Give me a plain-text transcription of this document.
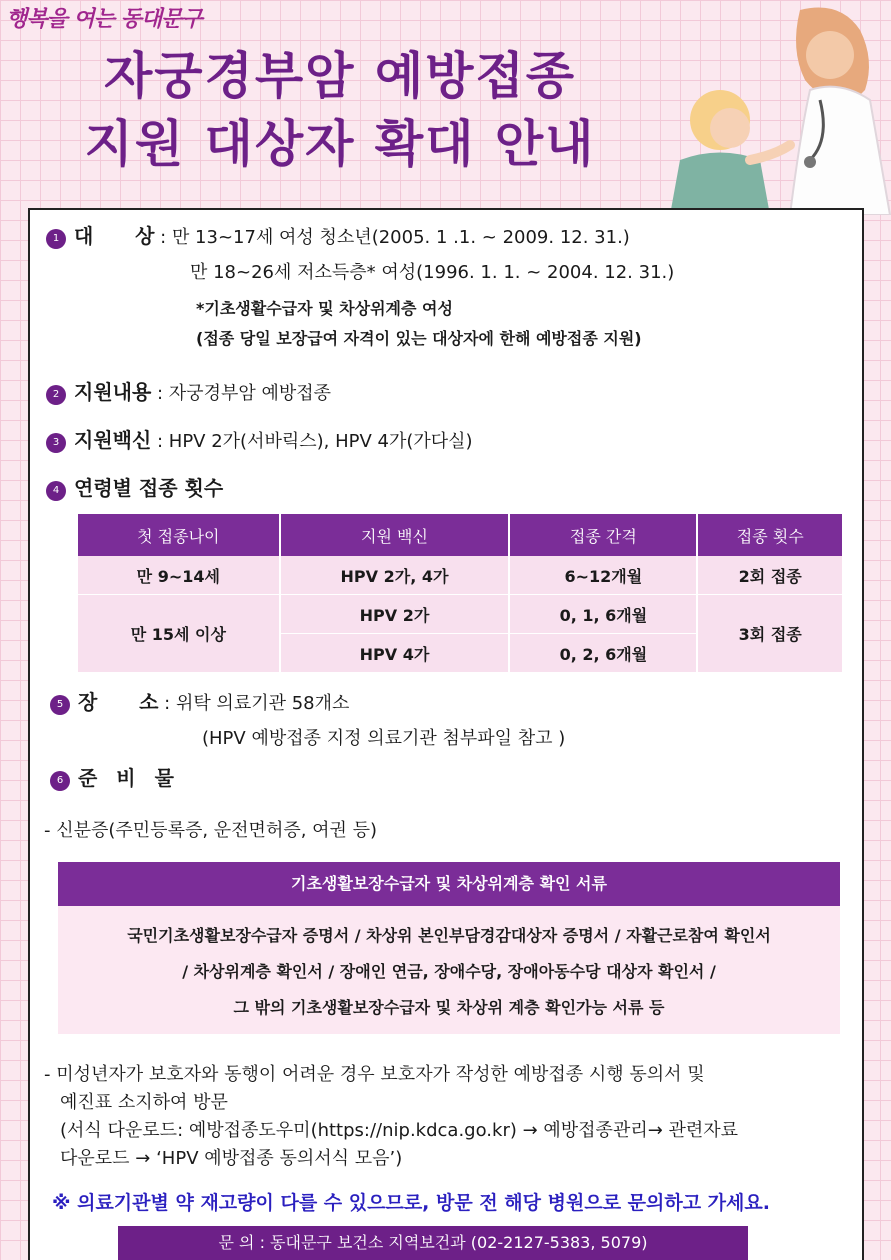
행복을 여는 동대문구
자궁경부암 예방접종
지원 대상자 확대 안내
1 대      상 : 만 13~17세 여성 청소년(2005. 1 .1. ~ 2009. 12. 31.)
만 18~26세 저소득층* 여성(1996. 1. 1. ~ 2004. 12. 31.)
*기초생활수급자 및 차상위계층 여성
(접종 당일 보장급여 자격이 있는 대상자에 한해 예방접종 지원)
2 지원내용 : 자궁경부암 예방접종
3 지원백신 : HPV 2가(서바릭스), HPV 4가(가다실)
4 연령별 접종 횟수
첫 접종나이	지원 백신	접종 간격	접종 횟수
만 9~14세	HPV 2가, 4가	6~12개월	2회 접종
만 15세 이상	HPV 2가	0, 1, 6개월	3회 접종
	HPV 4가	0, 2, 6개월	
5 장      소 : 위탁 의료기관 58개소
(HPV 예방접종 지정 의료기관 첨부파일 참고 )
6 준 비 물
- 신분증(주민등록증, 운전면허증, 여권 등)
기초생활보장수급자 및 차상위계층 확인 서류
국민기초생활보장수급자 증명서 / 차상위 본인부담경감대상자 증명서 / 자활근로참여 확인서
/ 차상위계층 확인서 / 장애인 연금, 장애수당, 장애아동수당 대상자 확인서 /
그 밖의 기초생활보장수급자 및 차상위 계층 확인가능 서류 등
- 미성년자가 보호자와 동행이 어려운 경우 보호자가 작성한 예방접종 시행 동의서 및
예진표 소지하여 방문
(서식 다운로드: 예방접종도우미(https://nip.kdca.go.kr) → 예방접종관리→ 관련자료
다운로드 → ‘HPV 예방접종 동의서식 모음’)
※ 의료기관별 약 재고량이 다를 수 있으므로, 방문 전 해당 병원으로 문의하고 가세요.
문 의 : 동대문구 보건소 지역보건과 (02-2127-5383, 5079)
